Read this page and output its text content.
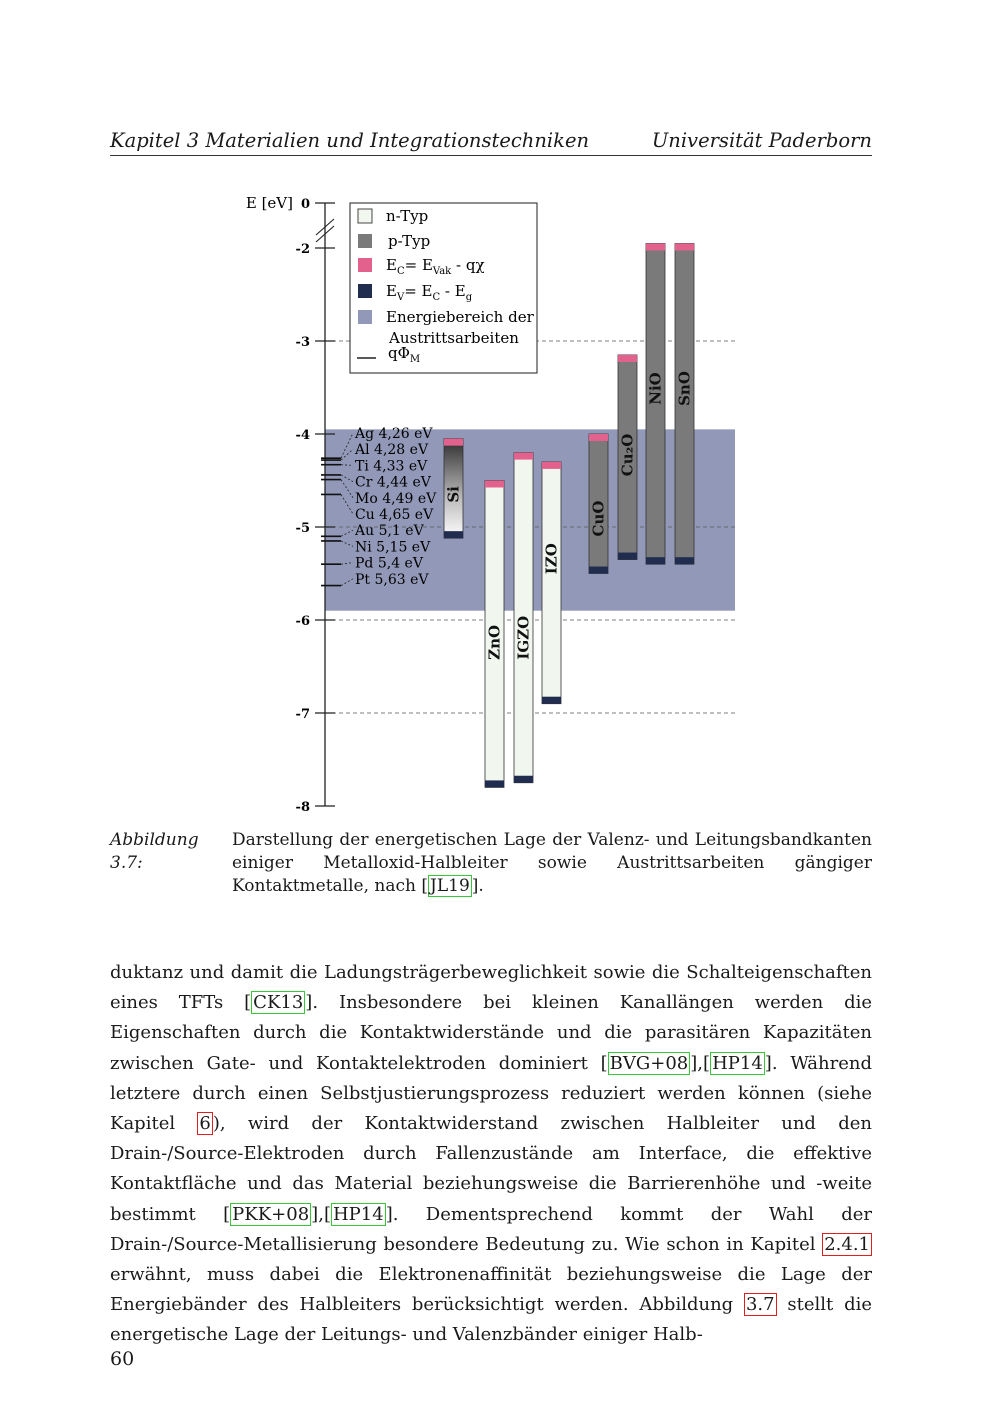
Kapitel 3 Materialien und Integrationstechniken	Universität Paderborn
0
-2
-3
-4
-5
-6
-7
-8
E [eV]
Ag 4,26 eV
Al 4,28 eV
Ti 4,33 eV
Cr 4,44 eV
Mo 4,49 eV
Cu 4,65 eV
Au 5,1 eV
Ni 5,15 eV
Pd 5,4 eV
Pt 5,63 eV
Si
ZnO IGZO
IZO
CuO
Cu₂O
NiO SnO
n-Typ
p-Typ
$E_C= E_{Vak} - q\chi$
$E_V= E_C - E_g$
Energiebereich der
Austrittsarbeiten
$q\Phi_M$
Abbildung 3.7:
Darstellung der energetischen Lage der Valenz- und Leitungsbandkanten einiger Metalloxid-Halbleiter sowie Austrittsarbeiten gängiger Kontaktmetalle, nach [ JL19 ].

duktanz und damit die Ladungsträgerbeweglichkeit sowie die Schalteigenschaften eines TFTs [ CK13 ]. Insbesondere bei kleinen Kanallängen werden die Eigenschaften durch die Kontaktwiderstände und die parasitären Kapazitäten zwischen Gate- und Kontaktelektroden dominiert [ BVG+08 ],[ HP14 ]. Während letztere durch einen Selbstjustierungsprozess reduziert werden können (siehe Kapitel 6 ), wird der Kontaktwiderstand zwischen Halbleiter und den Drain-/Source-Elektroden durch Fallenzustände am Interface, die effektive Kontaktfläche und das Material beziehungsweise die Barrierenhöhe und -weite bestimmt [ PKK+08 ],[ HP14 ]. Dementsprechend kommt der Wahl der Drain-/Source-Metallisierung besondere Bedeutung zu. Wie schon in Kapitel 2.4.1 erwähnt, muss dabei die Elektronenaffinität beziehungsweise die Lage der Energiebänder des Halbleiters berücksichtigt werden. Abbildung 3.7 stellt die energetische Lage der Leitungs- und Valenzbänder einiger Halb-

60
